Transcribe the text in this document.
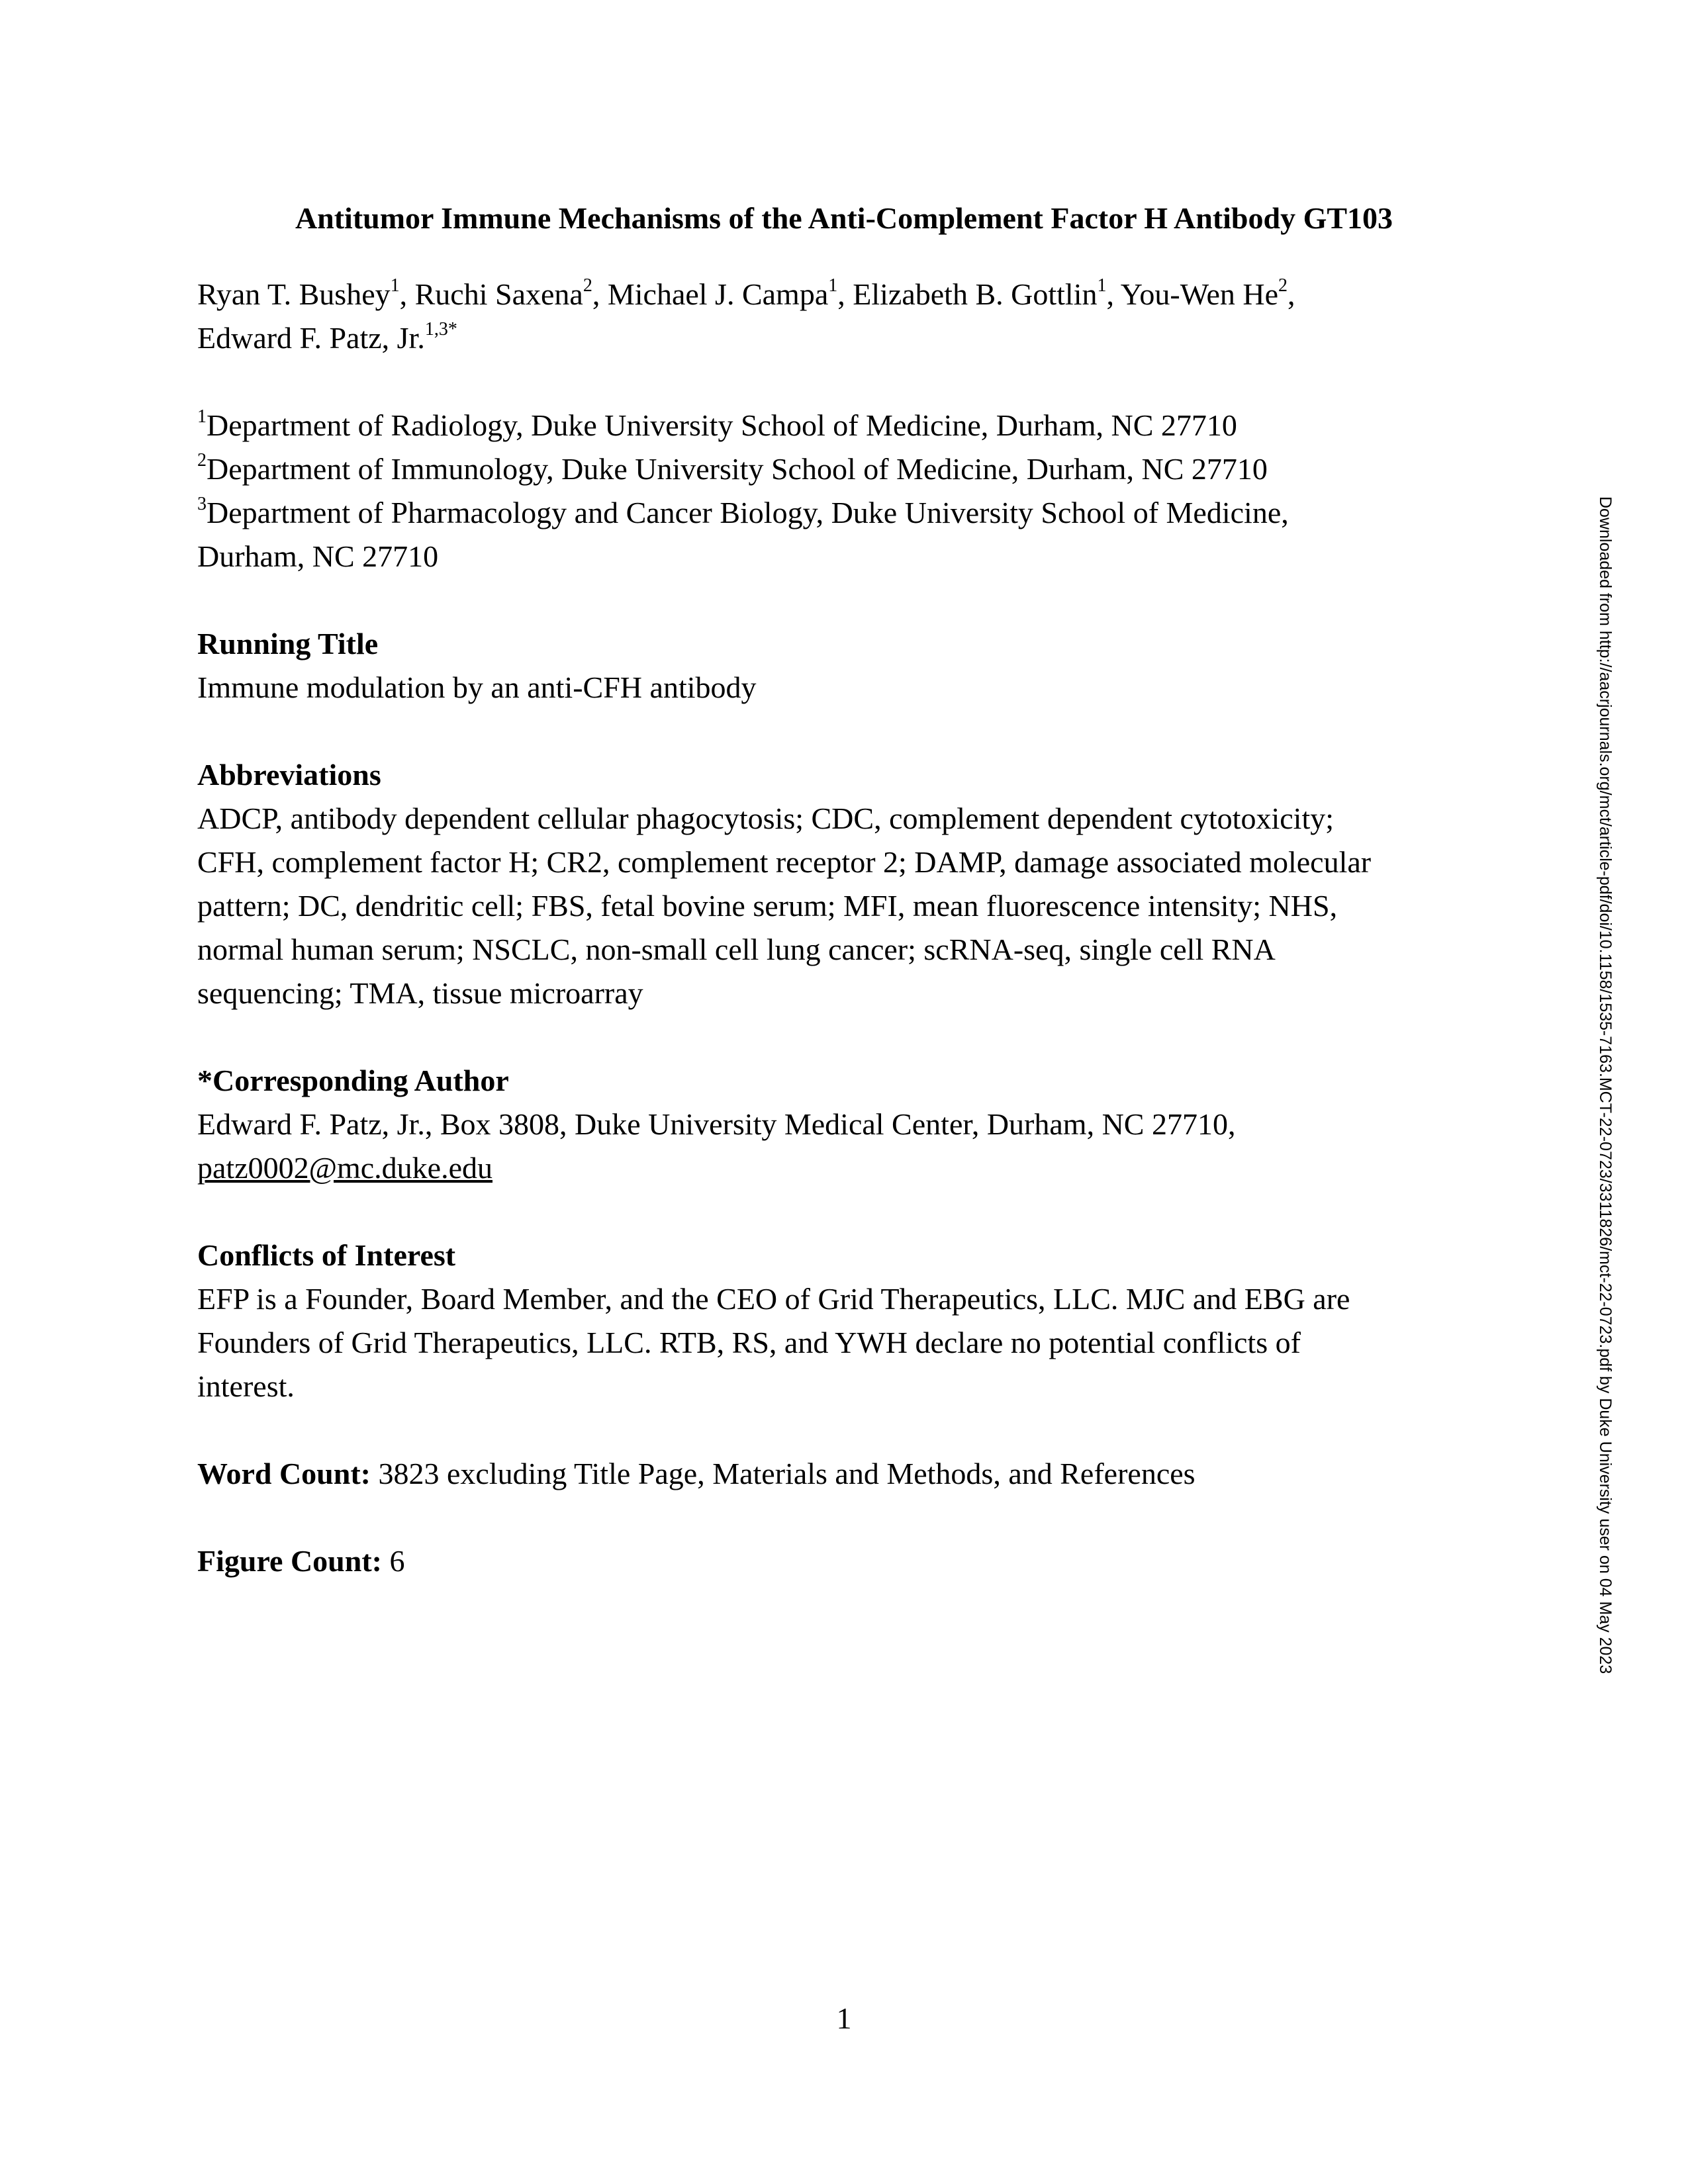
Antitumor Immune Mechanisms of the Anti-Complement Factor H Antibody GT103
Ryan T. Bushey$^1$, Ruchi Saxena$^2$, Michael J. Campa$^1$, Elizabeth B. Gottlin$^1$, You-Wen He$^2$,
Edward F. Patz, Jr.$^{1,3*}$
$^1$Department of Radiology, Duke University School of Medicine, Durham, NC 27710
$^2$Department of Immunology, Duke University School of Medicine, Durham, NC 27710
$^3$Department of Pharmacology and Cancer Biology, Duke University School of Medicine,
Durham, NC 27710
Running Title
Immune modulation by an anti-CFH antibody
Abbreviations
ADCP, antibody dependent cellular phagocytosis; CDC, complement dependent cytotoxicity;
CFH, complement factor H; CR2, complement receptor 2; DAMP, damage associated molecular
pattern; DC, dendritic cell; FBS, fetal bovine serum; MFI, mean fluorescence intensity; NHS,
normal human serum; NSCLC, non-small cell lung cancer; scRNA-seq, single cell RNA
sequencing; TMA, tissue microarray
*Corresponding Author
Edward F. Patz, Jr., Box 3808, Duke University Medical Center, Durham, NC 27710,
patz0002@mc.duke.edu
Conflicts of Interest
EFP is a Founder, Board Member, and the CEO of Grid Therapeutics, LLC. MJC and EBG are
Founders of Grid Therapeutics, LLC. RTB, RS, and YWH declare no potential conflicts of
interest.
Word Count: 3823 excluding Title Page, Materials and Methods, and References
Figure Count: 6	Downloaded from http://aacrjournals.org/mct/article-pdf/doi/10.1158/1535-7163.MCT-22-0723/3311826/mct-22-0723.pdf by Duke University user on 04 May 2023
1
